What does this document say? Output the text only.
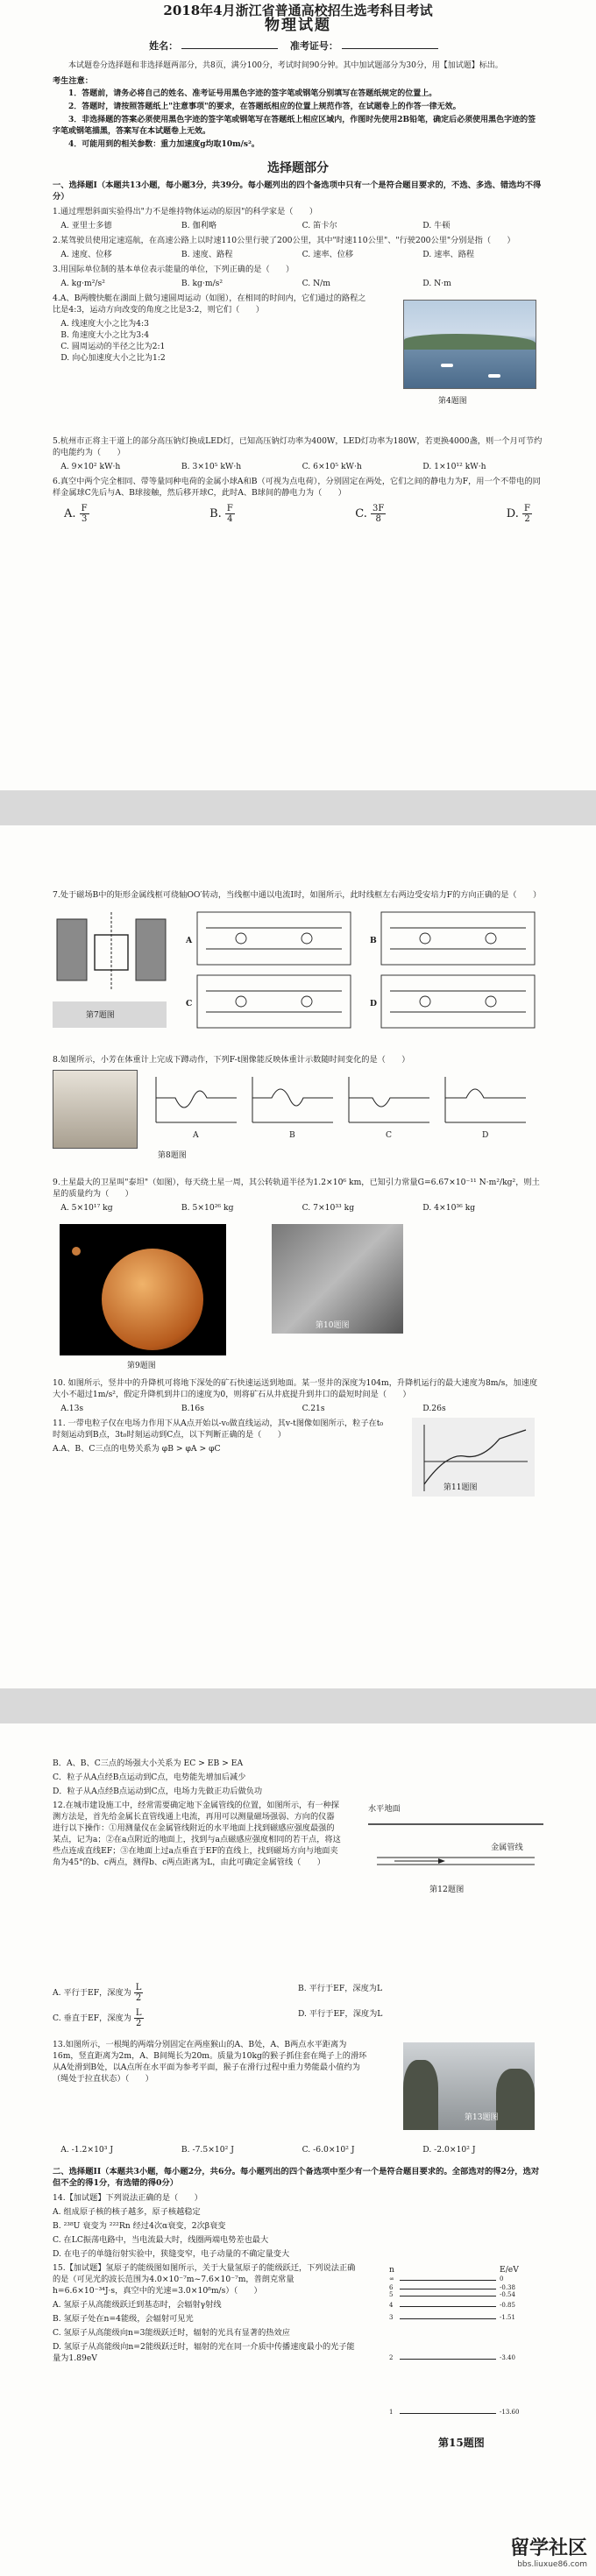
2018年4月浙江省普通高校招生选考科目考试
物理试题
姓名：	准考证号：

本试题卷分选择题和非选择题两部分，共8页，满分100分，考试时间90分钟。其中加试题部分为30分，用【加试题】标出。

考生注意：

1．答题前，请务必将自己的姓名、准考证号用黑色字迹的签字笔或钢笔分别填写在答题纸规定的位置上。

2．答题时，请按照答题纸上"注意事项"的要求，在答题纸相应的位置上规范作答，在试题卷上的作答一律无效。

3．非选择题的答案必须使用黑色字迹的签字笔或钢笔写在答题纸上相应区域内，作图时先使用2B铅笔，确定后必须使用黑色字迹的签字笔或钢笔描黑，答案写在本试题卷上无效。

4．可能用到的相关参数：重力加速度g均取10m/s²。

选择题部分
一、选择题I（本题共13小题，每小题3分，共39分。每小题列出的四个备选项中只有一个是符合题目要求的，不选、多选、错选均不得分）
1.通过理想斜面实验得出"力不是维持物体运动的原因"的科学家是（　　）
A. 亚里士多德	B. 伽利略	C. 笛卡尔	D. 牛顿
2.某驾驶员使用定速巡航，在高速公路上以时速110公里行驶了200公里，其中"时速110公里"、"行驶200公里"分别是指（　　）
A. 速度、位移	B. 速度、路程	C. 速率、位移	D. 速率、路程
3.用国际单位制的基本单位表示能量的单位，下列正确的是（　　）
A. kg·m²/s²	B. kg·m/s²	C. N/m	D. N·m
4.A、B两艘快艇在湖面上做匀速圆周运动（如图），在相同的时间内，它们通过的路程之比是4:3，运动方向改变的角度之比是3:2，则它们（　　）
A. 线速度大小之比为4:3
B. 角速度大小之比为3:4
C. 圆周运动的半径之比为2:1
D. 向心加速度大小之比为1:2
第4题图
5.杭州市正将主干道上的部分高压钠灯换成LED灯，已知高压钠灯功率为400W，LED灯功率为180W，若更换4000盏，则一个月可节约的电能约为（　　）
A. 9×10² kW·h	B. 3×10⁵ kW·h	C. 6×10⁵ kW·h	D. 1×10¹² kW·h
6.真空中两个完全相同、带等量同种电荷的金属小球A和B（可视为点电荷），分别固定在两处，它们之间的静电力为F，用一个不带电的同样金属球C先后与A、B球接触，然后移开球C，此时A、B球间的静电力为（　　）
A. $\frac{F}{3}$	B. $\frac{F}{4}$	C. $\frac{3F}{8}$	D. $\frac{F}{2}$
7.处于磁场B中的矩形金属线框可绕轴OO′转动，当线框中通以电流I时，如图所示，此时线框左右两边受安培力F的方向正确的是（　　）
A	B
C	D
第7题图
8.如图所示，小芳在体重计上完成下蹲动作，下列F-t图像能反映体重计示数随时间变化的是（　　）
第8题图
A	B	C	D
9.土星最大的卫星叫"泰坦"（如图），每天绕土星一周，其公转轨道半径为1.2×10⁶ km，已知引力常量G=6.67×10⁻¹¹ N·m²/kg²，则土星的质量约为（　　）
A. 5×10¹⁷ kg	B. 5×10²⁶ kg	C. 7×10³³ kg	D. 4×10³⁶ kg
第9题图
第10题图
10. 如图所示，竖井中的升降机可将地下深处的矿石快速运送到地面。某一竖井的深度为104m，升降机运行的最大速度为8m/s，加速度大小不超过1m/s²，假定升降机到井口的速度为0，则将矿石从井底提升到井口的最短时间是（　　）
A.13s	B.16s	C.21s	D.26s
11. 一带电粒子仅在电场力作用下从A点开始以-v₀做直线运动，其v-t图像如图所示，粒子在t₀时刻运动到B点，3t₀时刻运动到C点，以下判断正确的是（　　）
A.A、B、C三点的电势关系为 φB > φA > φC
第11题图
B．A、B、C三点的场强大小关系为 EC > EB > EA
C．粒子从A点经B点运动到C点，电势能先增加后减少
D．粒子从A点经B点运动到C点，电场力先做正功后做负功
12.在城市建设施工中，经常需要确定地下金属管线的位置，如图所示，有一种探测方法是，首先给金属长直管线通上电流，再用可以测量磁场强弱、方向的仪器进行以下操作：①用测量仪在金属管线附近的水平地面上找到磁感应强度最强的某点，记为a；②在a点附近的地面上，找到与a点磁感应强度相同的若干点，将这些点连成直线EF；③在地面上过a点垂直于EF的直线上，找到磁场方向与地面夹角为45°的b、c两点，测得b、c两点距离为L，由此可确定金属管线（　　）
水平地面
金属管线
第12题图
A. 平行于EF，深度为 $\frac{L}{2}$	B. 平行于EF，深度为L
C. 垂直于EF，深度为 $\frac{L}{2}$	D. 平行于EF，深度为L
13.如图所示，一根绳的两端分别固定在两座猴山的A、B处，A、B两点水平距离为16m，竖直距离为2m，A、B间绳长为20m。质量为10kg的猴子抓住套在绳子上的滑环从A处滑到B处，以A点所在水平面为参考平面，猴子在滑行过程中重力势能最小值约为（绳处于拉直状态）（　　）
第13题图
A. -1.2×10³ J	B. -7.5×10² J	C. -6.0×10² J	D. -2.0×10² J
二、选择题II（本题共3小题，每小题2分，共6分。每小题列出的四个备选项中至少有一个是符合题目要求的。全部选对的得2分，选对但不全的得1分，有选错的得0分）
14.【加试题】下列说法正确的是（　　）
A. 组成原子核的核子越多，原子核越稳定
B. ²³⁸U 衰变为 ²²²Rn 经过4次α衰变，2次β衰变
C. 在LC振荡电路中，当电流最大时，线圈两端电势差也最大
D. 在电子的单缝衍射实验中，狭缝变窄，电子动量的不确定量变大
15.【加试题】氢原子的能级图如图所示，关于大量氢原子的能级跃迁，下列说法正确的是（可见光的波长范围为4.0×10⁻⁷m~7.6×10⁻⁷m，普朗克常量h=6.6×10⁻³⁴J·s，真空中的光速=3.0×10⁸m/s）（　　）
A. 氢原子从高能级跃迁到基态时，会辐射γ射线
B. 氢原子处在n=4能级，会辐射可见光
C. 氢原子从高能级向n=3能级跃迁时，辐射的光具有显著的热效应
D. 氢原子从高能级向n=2能级跃迁时，辐射的光在同一介质中传播速度最小的光子能量为1.89eV
n	E/eV
∞	0
6	-0.38
5	-0.54
4	-0.85
3	-1.51
2	-3.40
1	-13.60
第15题图
留学社区
bbs.liuxue86.com
